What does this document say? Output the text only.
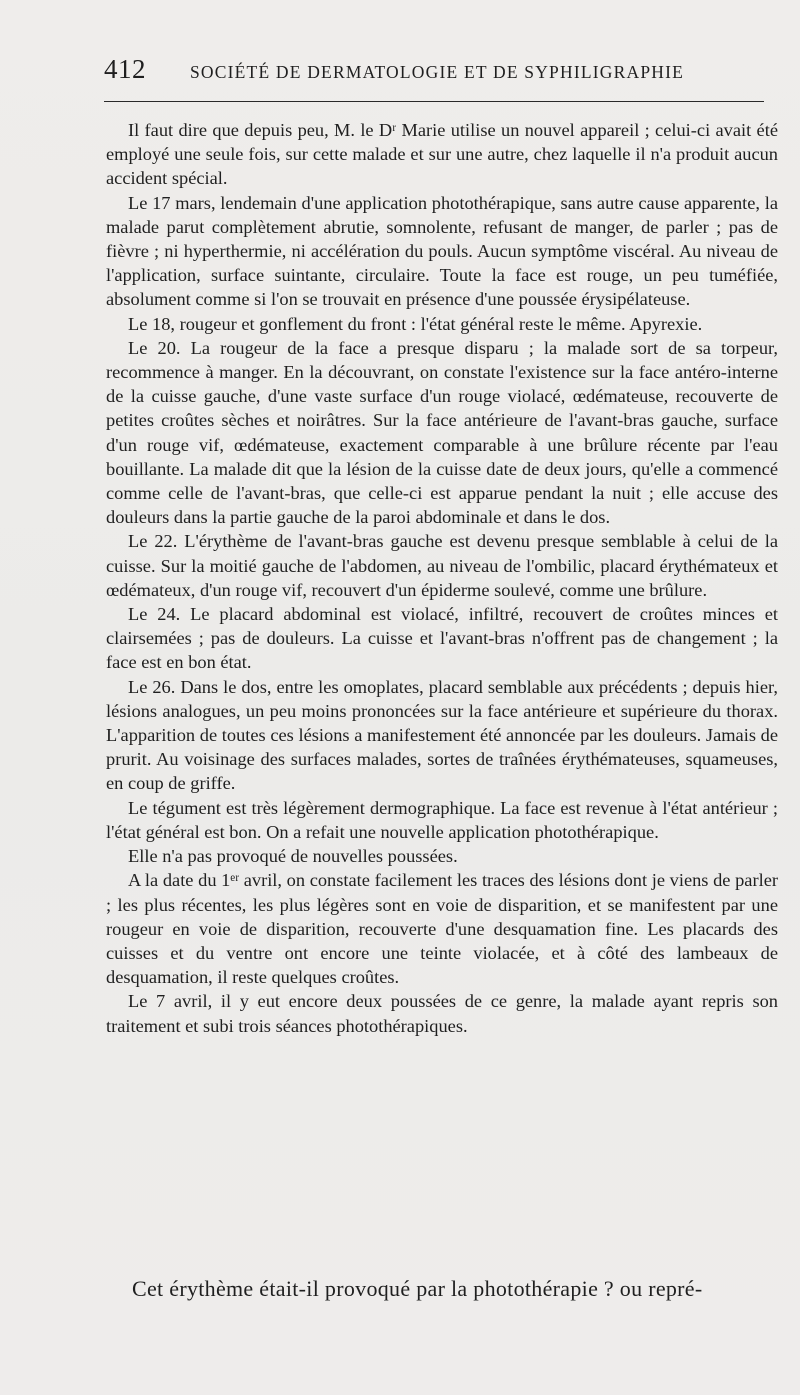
412	SOCIÉTÉ DE DERMATOLOGIE ET DE SYPHILIGRAPHIE

Il faut dire que depuis peu, M. le Dʳ Marie utilise un nouvel appareil ; celui-ci avait été employé une seule fois, sur cette malade et sur une autre, chez laquelle il n'a produit aucun accident spécial.

Le 17 mars, lendemain d'une application photothérapique, sans autre cause apparente, la malade parut complètement abrutie, somnolente, refusant de manger, de parler ; pas de fièvre ; ni hyperthermie, ni accélération du pouls. Aucun symptôme viscéral. Au niveau de l'application, surface suintante, circulaire. Toute la face est rouge, un peu tuméfiée, absolument comme si l'on se trouvait en présence d'une poussée érysipélateuse.

Le 18, rougeur et gonflement du front : l'état général reste le même. Apyrexie.

Le 20. La rougeur de la face a presque disparu ; la malade sort de sa torpeur, recommence à manger. En la découvrant, on constate l'existence sur la face antéro-interne de la cuisse gauche, d'une vaste surface d'un rouge violacé, œdémateuse, recouverte de petites croûtes sèches et noirâtres. Sur la face antérieure de l'avant-bras gauche, surface d'un rouge vif, œdémateuse, exactement comparable à une brûlure récente par l'eau bouillante. La malade dit que la lésion de la cuisse date de deux jours, qu'elle a commencé comme celle de l'avant-bras, que celle-ci est apparue pendant la nuit ; elle accuse des douleurs dans la partie gauche de la paroi abdominale et dans le dos.

Le 22. L'érythème de l'avant-bras gauche est devenu presque semblable à celui de la cuisse. Sur la moitié gauche de l'abdomen, au niveau de l'ombilic, placard érythémateux et œdémateux, d'un rouge vif, recouvert d'un épiderme soulevé, comme une brûlure.

Le 24. Le placard abdominal est violacé, infiltré, recouvert de croûtes minces et clairsemées ; pas de douleurs. La cuisse et l'avant-bras n'offrent pas de changement ; la face est en bon état.

Le 26. Dans le dos, entre les omoplates, placard semblable aux précédents ; depuis hier, lésions analogues, un peu moins prononcées sur la face antérieure et supérieure du thorax. L'apparition de toutes ces lésions a manifestement été annoncée par les douleurs. Jamais de prurit. Au voisinage des surfaces malades, sortes de traînées érythémateuses, squameuses, en coup de griffe.

Le tégument est très légèrement dermographique. La face est revenue à l'état antérieur ; l'état général est bon. On a refait une nouvelle application photothérapique.

Elle n'a pas provoqué de nouvelles poussées.

A la date du 1ᵉʳ avril, on constate facilement les traces des lésions dont je viens de parler ; les plus récentes, les plus légères sont en voie de disparition, et se manifestent par une rougeur en voie de disparition, recouverte d'une desquamation fine. Les placards des cuisses et du ventre ont encore une teinte violacée, et à côté des lambeaux de desquamation, il reste quelques croûtes.

Le 7 avril, il y eut encore deux poussées de ce genre, la malade ayant repris son traitement et subi trois séances photothérapiques.

Cet érythème était-il provoqué par la photothérapie ? ou repré-
